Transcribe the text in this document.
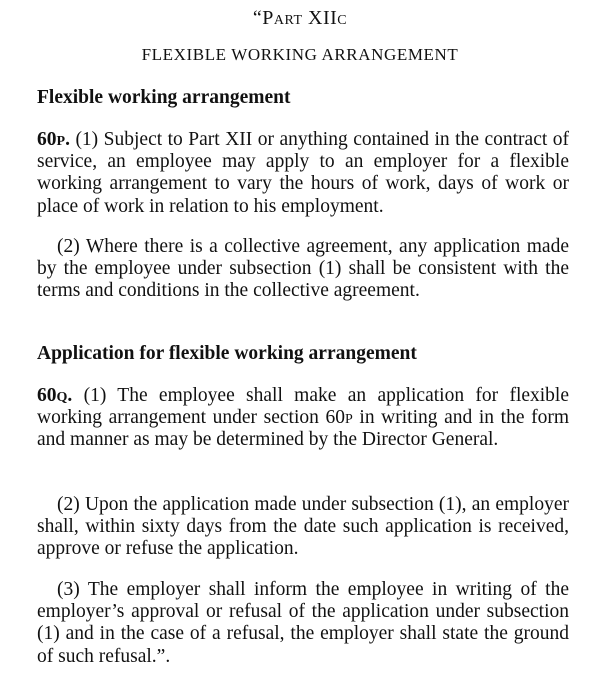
“Part XIIc
FLEXIBLE WORKING ARRANGEMENT
Flexible working arrangement
60p. (1) Subject to Part XII or anything contained in the contract of service, an employee may apply to an employer for a flexible working arrangement to vary the hours of work, days of work or place of work in relation to his employment.
(2) Where there is a collective agreement, any application made by the employee under subsection (1) shall be consistent with the terms and conditions in the collective agreement.
Application for flexible working arrangement
60q. (1) The employee shall make an application for flexible working arrangement under section 60p in writing and in the form and manner as may be determined by the Director General.
(2) Upon the application made under subsection (1), an employer shall, within sixty days from the date such application is received, approve or refuse the application.
(3) The employer shall inform the employee in writing of the employer’s approval or refusal of the application under subsection (1) and in the case of a refusal, the employer shall state the ground of such refusal.”.
